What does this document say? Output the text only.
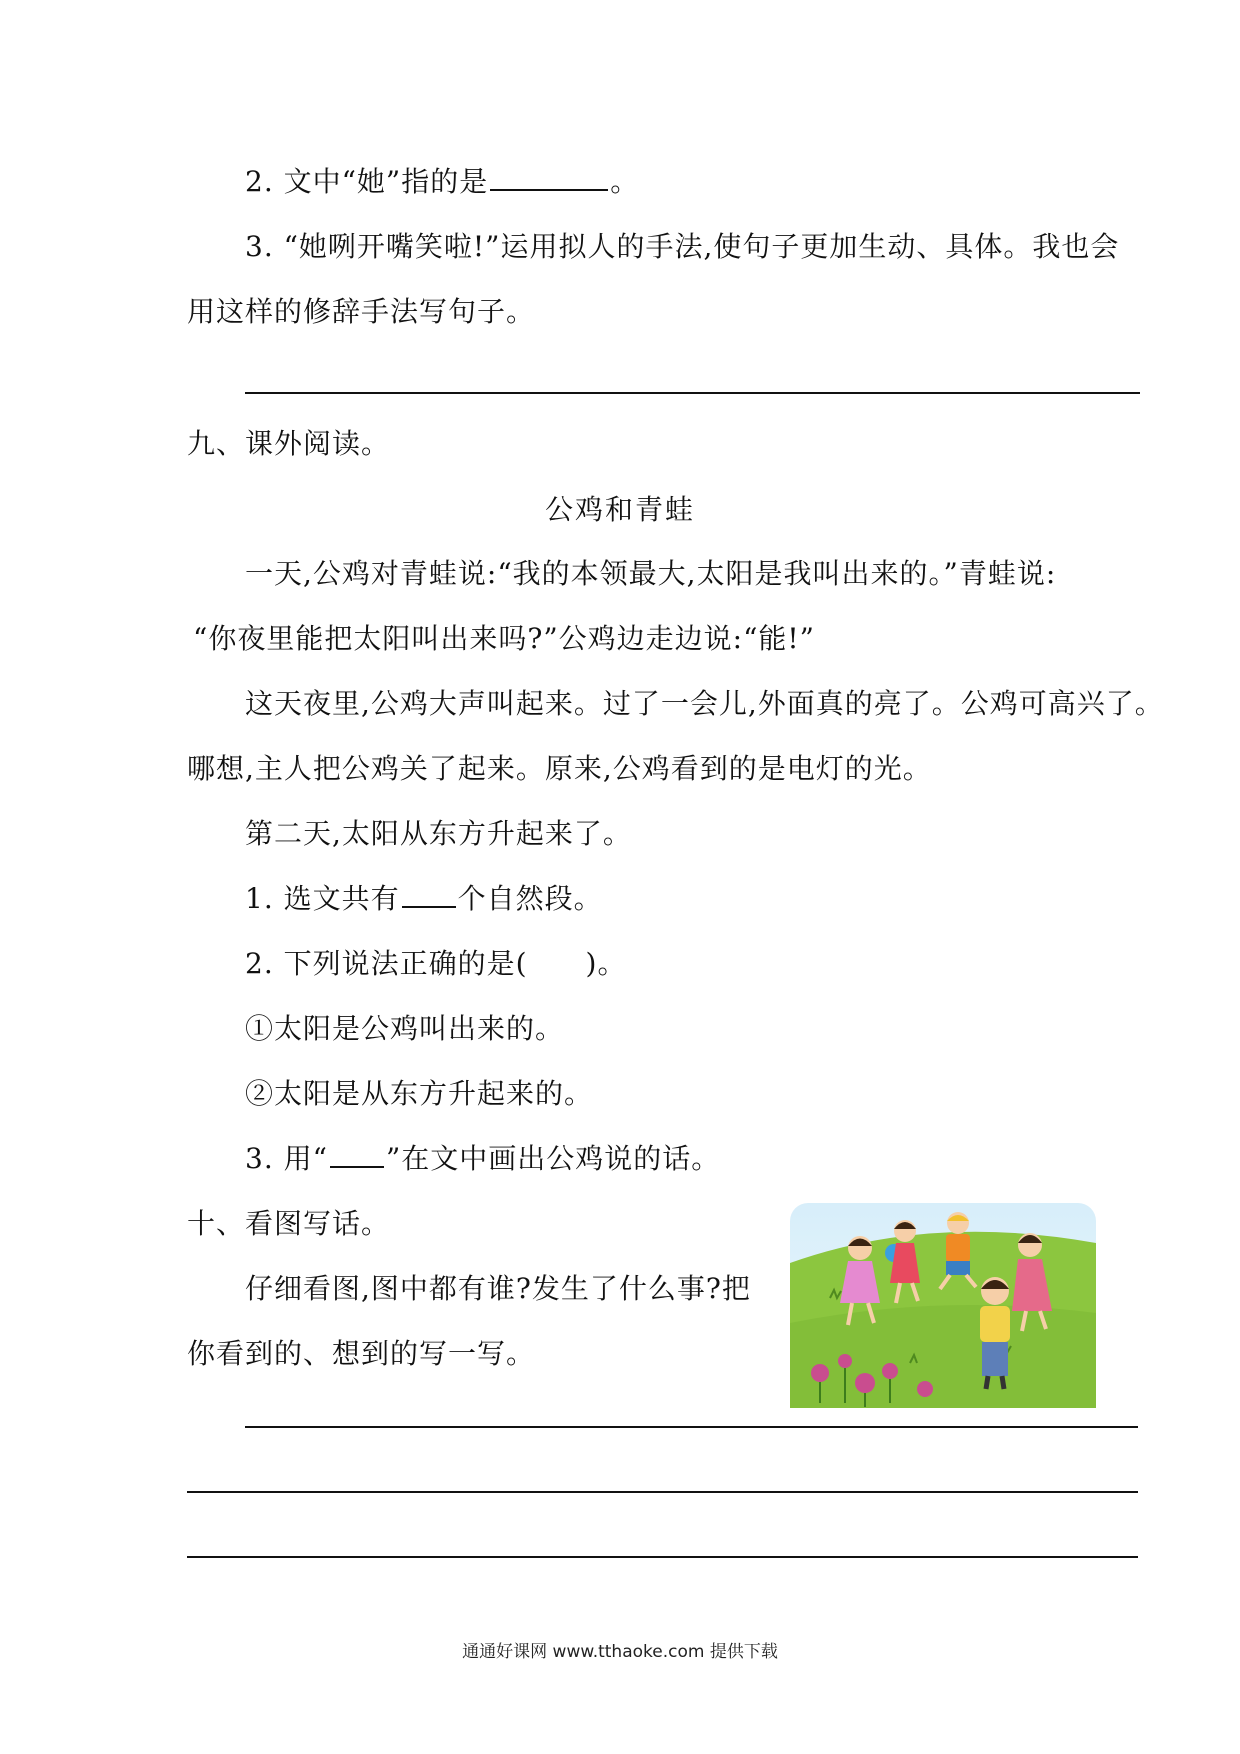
2. 文中“她”指的是	。
3. “她咧开嘴笑啦!”运用拟人的手法,使句子更加生动、具体。我也会
用这样的修辞手法写句子。
九、课外阅读。
公鸡和青蛙
一天,公鸡对青蛙说:“我的本领最大,太阳是我叫出来的。”青蛙说:
“你夜里能把太阳叫出来吗?”公鸡边走边说:“能!”
这天夜里,公鸡大声叫起来。过了一会儿,外面真的亮了。公鸡可高兴了。
哪想,主人把公鸡关了起来。原来,公鸡看到的是电灯的光。
第二天,太阳从东方升起来了。
1. 选文共有 个自然段。
2. 下列说法正确的是(　　)。
①太阳是公鸡叫出来的。
②太阳是从东方升起来的。
3. 用“ ”在文中画出公鸡说的话。
十、看图写话。
仔细看图,图中都有谁?发生了什么事?把
你看到的、想到的写一写。
通通好课网 www.tthaoke.com 提供下载
